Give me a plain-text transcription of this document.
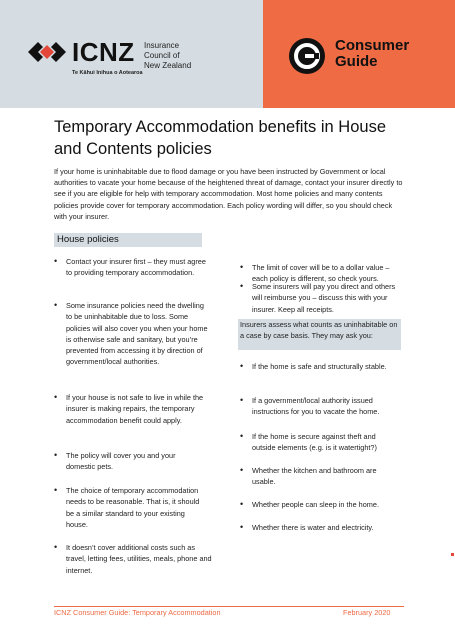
ICNZ Insurance
Council of
New Zealand
Te Kāhui Inihua o Aotearoa
Consumer
Guide
Temporary Accommodation benefits in House
and Contents policies

If your home is uninhabitable due to flood damage or you have been instructed by Government or local authorities to vacate your home because of the heightened threat of damage, contact your insurer directly to see if you are eligible for help with temporary accommodation. Most home policies and many contents policies provide cover for temporary accommodation. Each policy wording will differ, so you should check with your insurer.

House policies
• Contact your insurer first – they must agree to providing temporary accommodation.
• Some insurance policies need the dwelling to be uninhabitable due to loss. Some policies will also cover you when your home is otherwise safe and sanitary, but you’re prevented from accessing it by direction of government/local authorities.
• If your house is not safe to live in while the insurer is making repairs, the temporary accommodation benefit could apply.
• The policy will cover you and your domestic pets.
• The choice of temporary accommodation needs to be reasonable. That is, it should be a similar standard to your existing house.
• It doesn’t cover additional costs such as travel, letting fees, utilities, meals, phone and internet.
• The limit of cover will be to a dollar value – each policy is different, so check yours.
• Some insurers will pay you direct and others will reimburse you – discuss this with your insurer. Keep all receipts.
Insurers assess what counts as uninhabitable on a case by case basis. They may ask you:
• If the home is safe and structurally stable.
• If a government/local authority issued instructions for you to vacate the home.
• If the home is secure against theft and outside elements (e.g. is it watertight?)
• Whether the kitchen and bathroom are usable.
• Whether people can sleep in the home.
• Whether there is water and electricity.
ICNZ Consumer Guide: Temporary Accommodation	February 2020
